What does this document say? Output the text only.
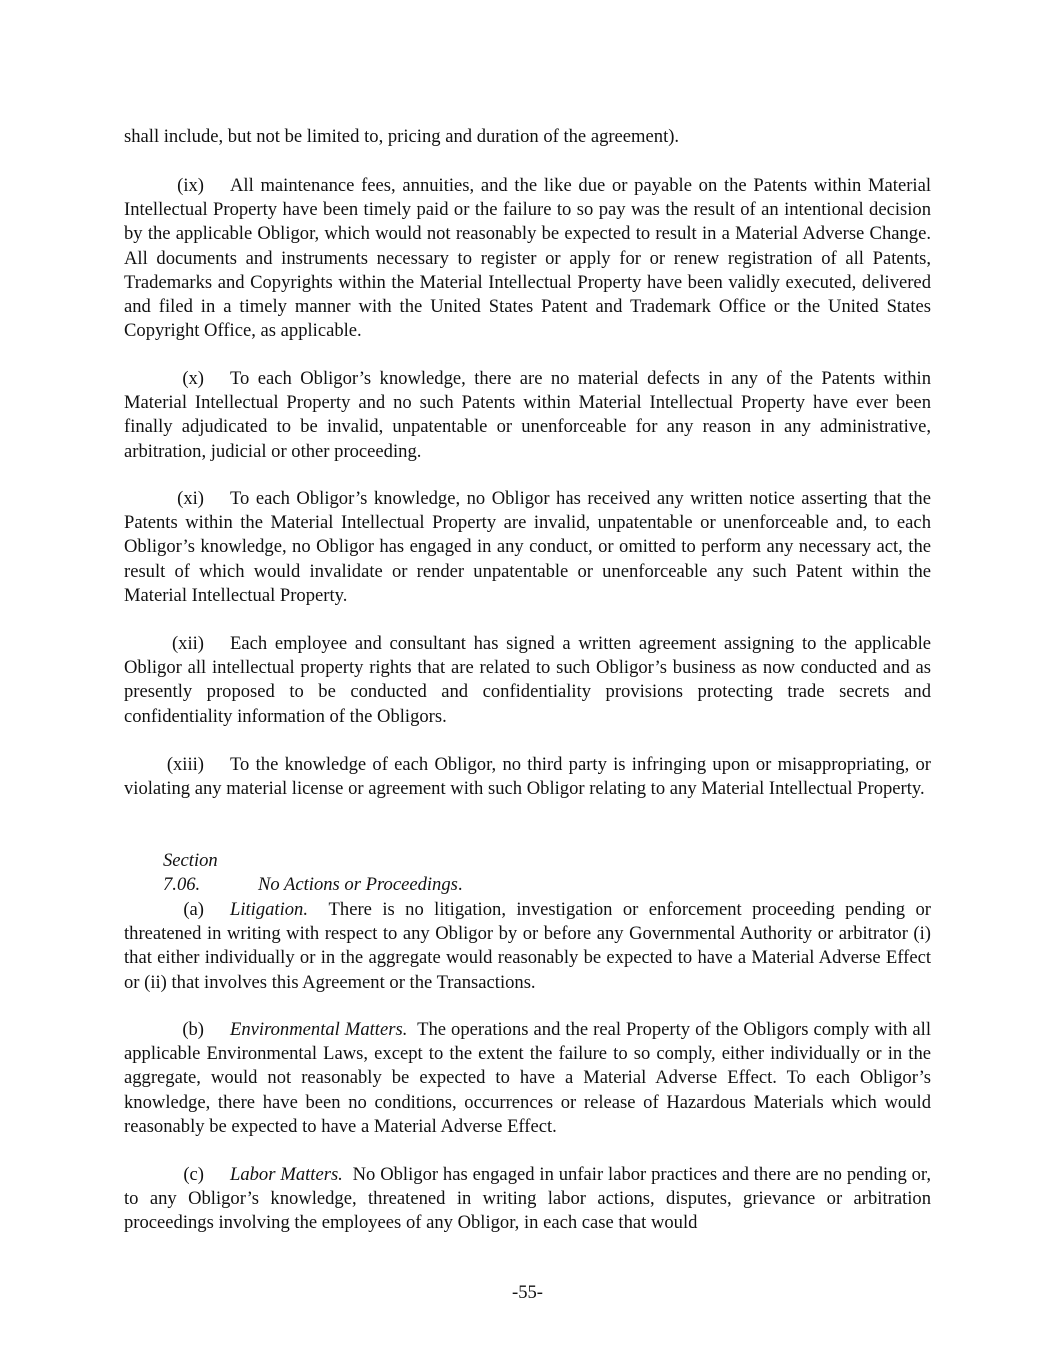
shall include, but not be limited to, pricing and duration of the agreement).

(ix) All maintenance fees, annuities, and the like due or payable on the Patents within Material Intellectual Property have been timely paid or the failure to so pay was the result of an intentional decision by the applicable Obligor, which would not reasonably be expected to result in a Material Adverse Change. All documents and instruments necessary to register or apply for or renew registration of all Patents, Trademarks and Copyrights within the Material Intellectual Property have been validly executed, delivered and filed in a timely manner with the United States Patent and Trademark Office or the United States Copyright Office, as applicable.

(x) To each Obligor’s knowledge, there are no material defects in any of the Patents within Material Intellectual Property and no such Patents within Material Intellectual Property have ever been finally adjudicated to be invalid, unpatentable or unenforceable for any reason in any administrative, arbitration, judicial or other proceeding.

(xi) To each Obligor’s knowledge, no Obligor has received any written notice asserting that the Patents within the Material Intellectual Property are invalid, unpatentable or unenforceable and, to each Obligor’s knowledge, no Obligor has engaged in any conduct, or omitted to perform any necessary act, the result of which would invalidate or render unpatentable or unenforceable any such Patent within the Material Intellectual Property.

(xii) Each employee and consultant has signed a written agreement assigning to the applicable Obligor all intellectual property rights that are related to such Obligor’s business as now conducted and as presently proposed to be conducted and confidentiality provisions protecting trade secrets and confidentiality information of the Obligors.

(xiii) To the knowledge of each Obligor, no third party is infringing upon or misappropriating, or violating any material license or agreement with such Obligor relating to any Material Intellectual Property.

Section 7.06.	No Actions or Proceedings.

(a) Litigation. There is no litigation, investigation or enforcement proceeding pending or threatened in writing with respect to any Obligor by or before any Governmental Authority or arbitrator (i) that either individually or in the aggregate would reasonably be expected to have a Material Adverse Effect or (ii) that involves this Agreement or the Transactions.

(b) Environmental Matters. The operations and the real Property of the Obligors comply with all applicable Environmental Laws, except to the extent the failure to so comply, either individually or in the aggregate, would not reasonably be expected to have a Material Adverse Effect. To each Obligor’s knowledge, there have been no conditions, occurrences or release of Hazardous Materials which would reasonably be expected to have a Material Adverse Effect.

(c) Labor Matters. No Obligor has engaged in unfair labor practices and there are no pending or, to any Obligor’s knowledge, threatened in writing labor actions, disputes, grievance or arbitration proceedings involving the employees of any Obligor, in each case that would

-55-
